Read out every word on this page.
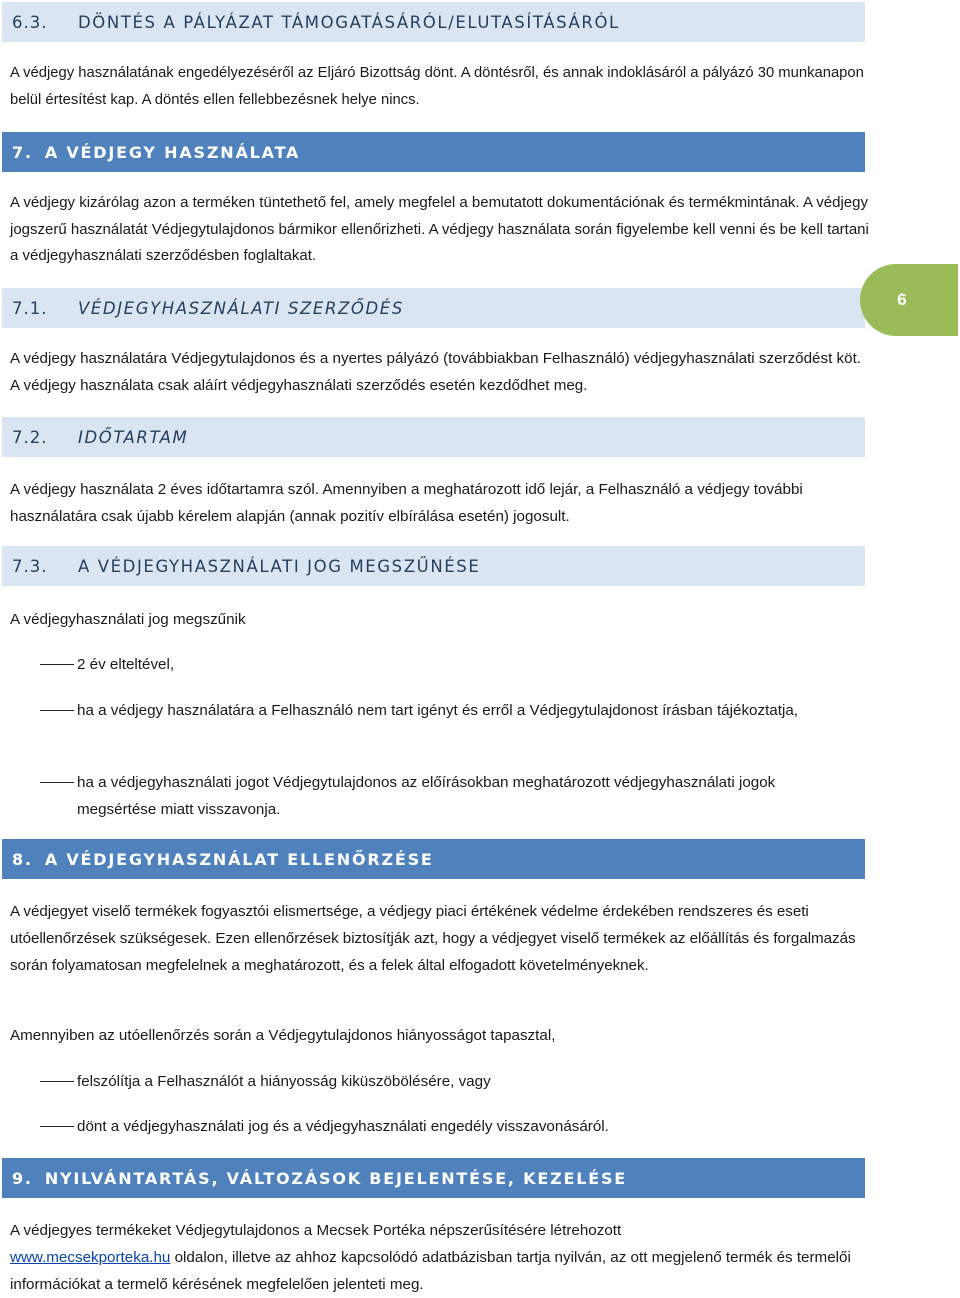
6.3.	DÖNTÉS A PÁLYÁZAT TÁMOGATÁSÁRÓL/ELUTASÍTÁSÁRÓL

A védjegy használatának engedélyezéséről az Eljáró Bizottság dönt. A döntésről, és annak indoklásáról a pályázó 30 munkanapon belül értesítést kap. A döntés ellen fellebbezésnek helye nincs.

7. A VÉDJEGY HASZNÁLATA

A védjegy kizárólag azon a terméken tüntethető fel, amely megfelel a bemutatott dokumentációnak és termékmintának. A védjegy jogszerű használatát Védjegytulajdonos bármikor ellenőrizheti. A védjegy használata során figyelembe kell venni és be kell tartani a védjegyhasználati szerződésben foglaltakat.

7.1.	VÉDJEGYHASZNÁLATI SZERZŐDÉS	6

A védjegy használatára Védjegytulajdonos és a nyertes pályázó (továbbiakban Felhasználó) védjegyhasználati szerződést köt. A védjegy használata csak aláírt védjegyhasználati szerződés esetén kezdődhet meg.

7.2.	IDŐTARTAM

A védjegy használata 2 éves időtartamra szól. Amennyiben a meghatározott idő lejár, a Felhasználó a védjegy további használatára csak újabb kérelem alapján (annak pozitív elbírálása esetén) jogosult.

7.3.	A VÉDJEGYHASZNÁLATI JOG MEGSZŰNÉSE

A védjegyhasználati jog megszűnik

2 év elteltével,

ha a védjegy használatára a Felhasználó nem tart igényt és erről a Védjegytulajdonost írásban tájékoztatja,

ha a védjegyhasználati jogot Védjegytulajdonos az előírásokban meghatározott védjegyhasználati jogok megsértése miatt visszavonja.

8. A VÉDJEGYHASZNÁLAT ELLENŐRZÉSE

A védjegyet viselő termékek fogyasztói elismertsége, a védjegy piaci értékének védelme érdekében rendszeres és eseti utóellenőrzések szükségesek. Ezen ellenőrzések biztosítják azt, hogy a védjegyet viselő termékek az előállítás és forgalmazás során folyamatosan megfelelnek a meghatározott, és a felek által elfogadott követelményeknek.

Amennyiben az utóellenőrzés során a Védjegytulajdonos hiányosságot tapasztal,

felszólítja a Felhasználót a hiányosság kiküszöbölésére, vagy

dönt a védjegyhasználati jog és a védjegyhasználati engedély visszavonásáról.

9. NYILVÁNTARTÁS, VÁLTOZÁSOK BEJELENTÉSE, KEZELÉSE

A védjegyes termékeket Védjegytulajdonos a Mecsek Portéka népszerűsítésére létrehozott
www.mecsekporteka.hu oldalon, illetve az ahhoz kapcsolódó adatbázisban tartja nyilván, az ott megjelenő termék és termelői információkat a termelő kérésének megfelelően jelenteti meg.
